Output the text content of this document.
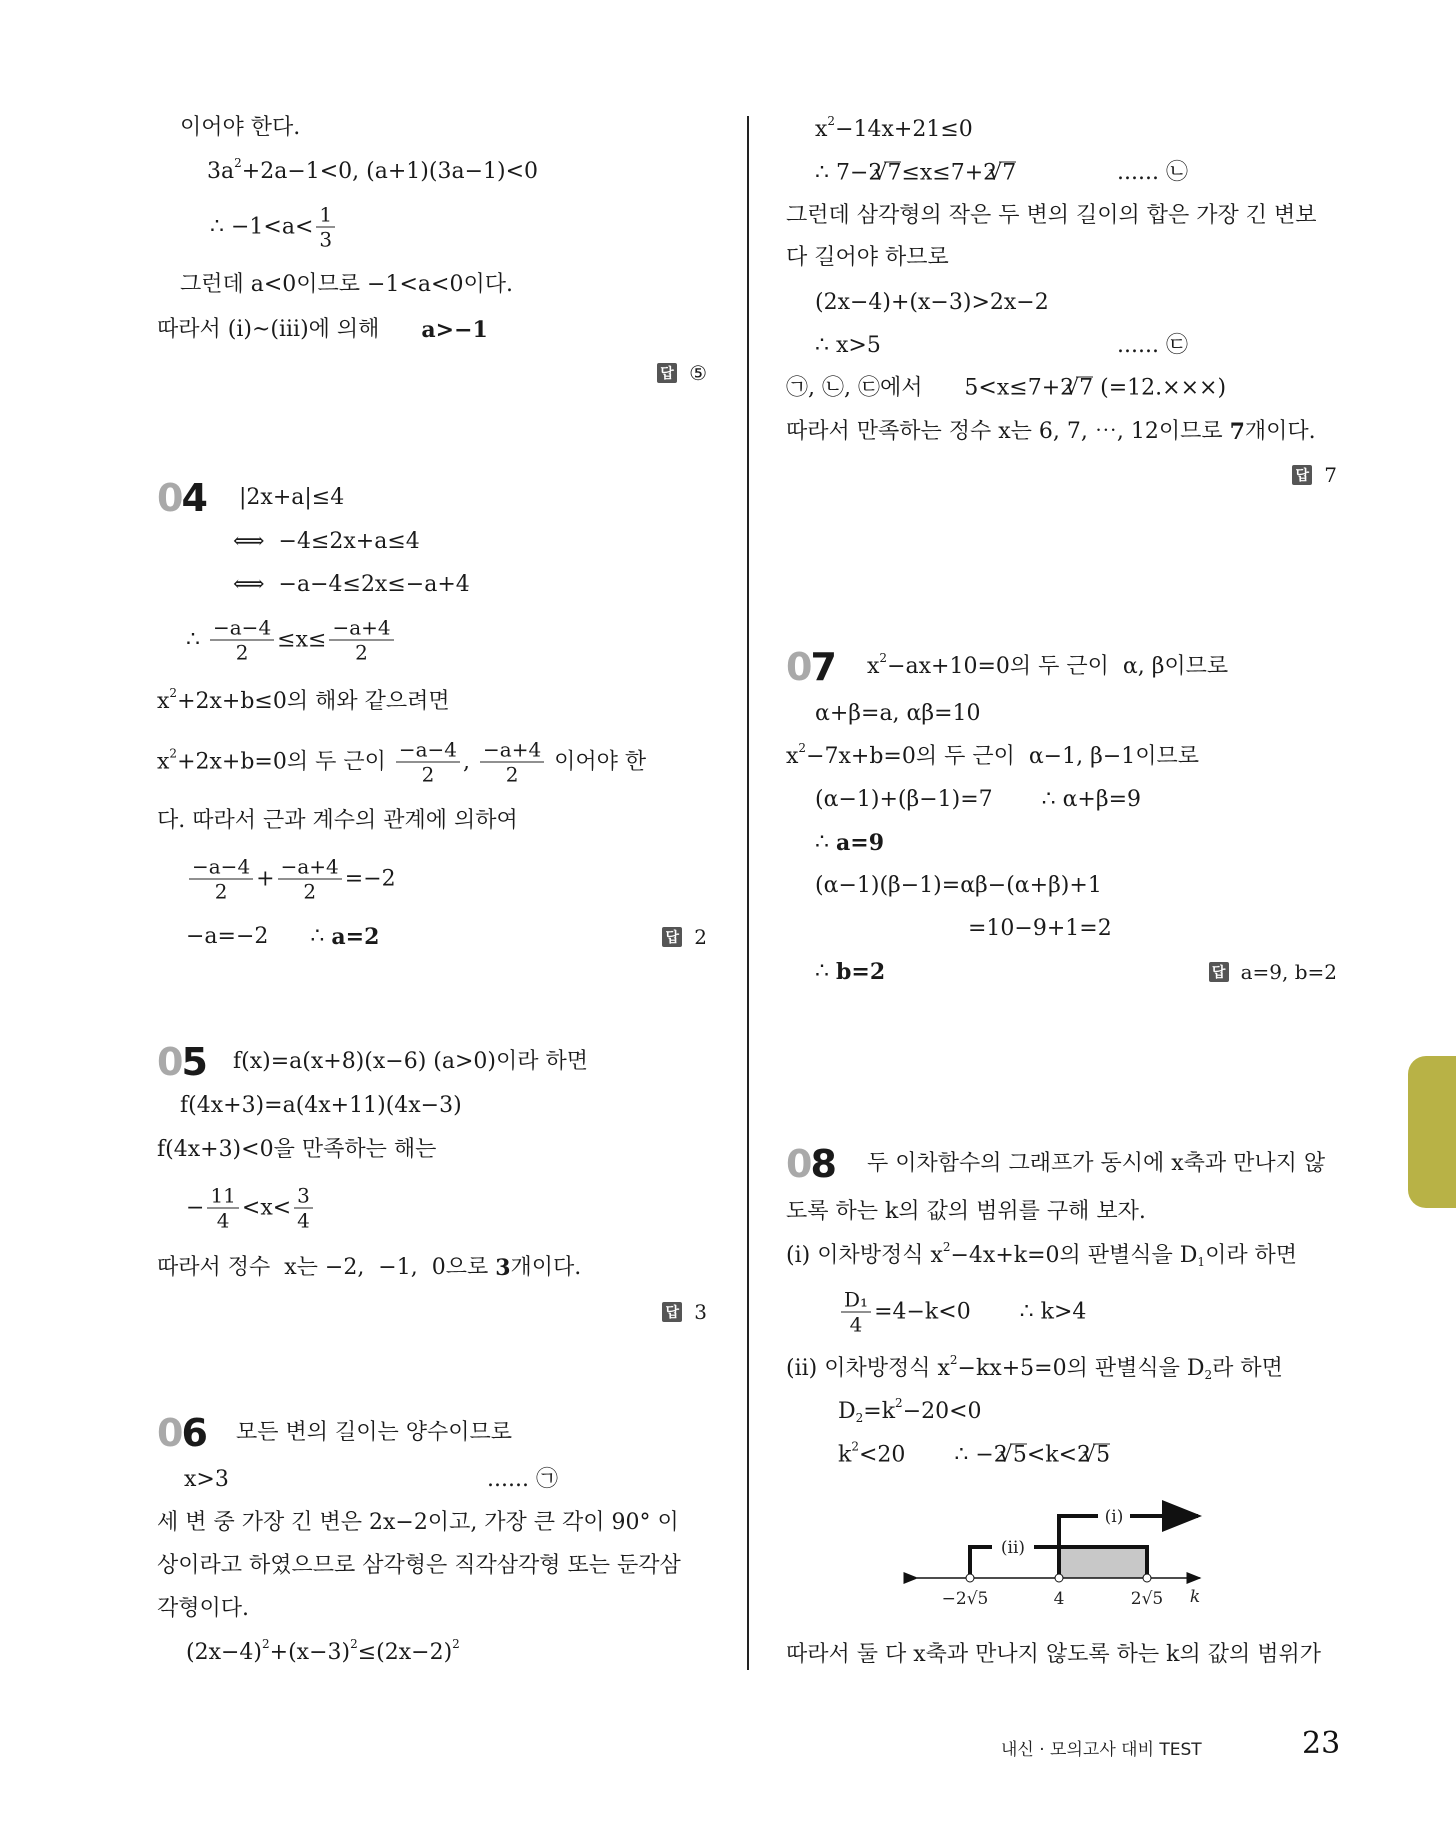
이어야 한다.
$3a^2 +2a-1<0$, (a+1)(3a−1)<0
∴ $-1<a< \frac{1}{3}$
그런데 a<0이므로 −1<a<0이다.
따라서 (i)~(iii)에 의해 a>−1
|2x+a|≤4
⟺  −4≤2x+a≤4
⟺  −a−4≤2x≤−a+4
∴ $\frac{-a-4}{2} \le x\le \frac{-a+4}{2}$
$x^2 +2x+b\le 0$의 해와 같으려면
$x^2 +2x+b=0$의 두 근이 $\frac{-a-4}{2}$ , $\frac{-a+4}{2}$ 이어야 한
다. 따라서 근과 계수의 관계에 의하여
$\frac{-a-4}{2} + \frac{-a+4}{2} =-2$
−a=−2      ∴ a=2
f(x)=a(x+8)(x−6) (a>0)이라 하면
f(4x+3)=a(4x+11)(4x−3)
f(4x+3)<0을 만족하는 해는
− $\frac{11}{4} <x< \frac{3}{4}$
따라서 정수  x는 −2,  −1,  0으로 3 개이다.
모든 변의 길이는 양수이므로
x>3
세 변 중 가장 긴 변은 2x−2이고, 가장 큰 각이 90° 이
상이라고 하였으므로 삼각형은 직각삼각형 또는 둔각삼
각형이다.
$(2x-4)^2 +(x-3)^2 \le(2x-2)^2$
$x^2 -14x+21\le 0$
∴ 7−2 √ 7 ≤x≤7+2 √ 7
그런데 삼각형의 작은 두 변의 길이의 합은 가장 긴 변보
다 길어야 하므로
(2x−4)+(x−3)>2x−2
∴ x>5
㉠, ㉡, ㉢에서      5<x≤7+2 √ 7 (=12.×××)
따라서 만족하는 정수 x는 6, 7, ⋯, 12이므로 7 개이다.
$x^2 -ax+10=0$의 두 근이  α, β이므로
α+β=a, αβ=10
$x^2 -7x+b=0$의 두 근이  α−1, β−1이므로
(α−1)+(β−1)=7       ∴ α+β=9
∴ a=9
(α−1)(β−1)=αβ−(α+β)+1
=10−9+1=2
∴ b=2
두 이차함수의 그래프가 동시에 x축과 만나지 않
도록 하는 k의 값의 범위를 구해 보자.
(i) 이차방정식 $x^2 -4x+k=0$의 판별식을 $D_1$ 이라 하면
$\frac{\text{D₁}}{4} =4-k<0$       ∴ k>4
(ii) 이차방정식 $x^2 -kx+5=0$의 판별식을 $D_2$ 라 하면
$D_2 =k^2 -20<0$
$k^2 <20$       ∴ −2 √ 5 <k<2 √ 5
따라서 둘 다 x축과 만나지 않도록 하는 k의 값의 범위가
...... ㉠
...... ㉡
...... ㉢
04
05
06
07
08
답 ⑤
답 2
답 3
답 7
답 a=9, b=2
−2√5	4	2√5 k
(i)
(ii)
내신 · 모의고사 대비 TEST	23
